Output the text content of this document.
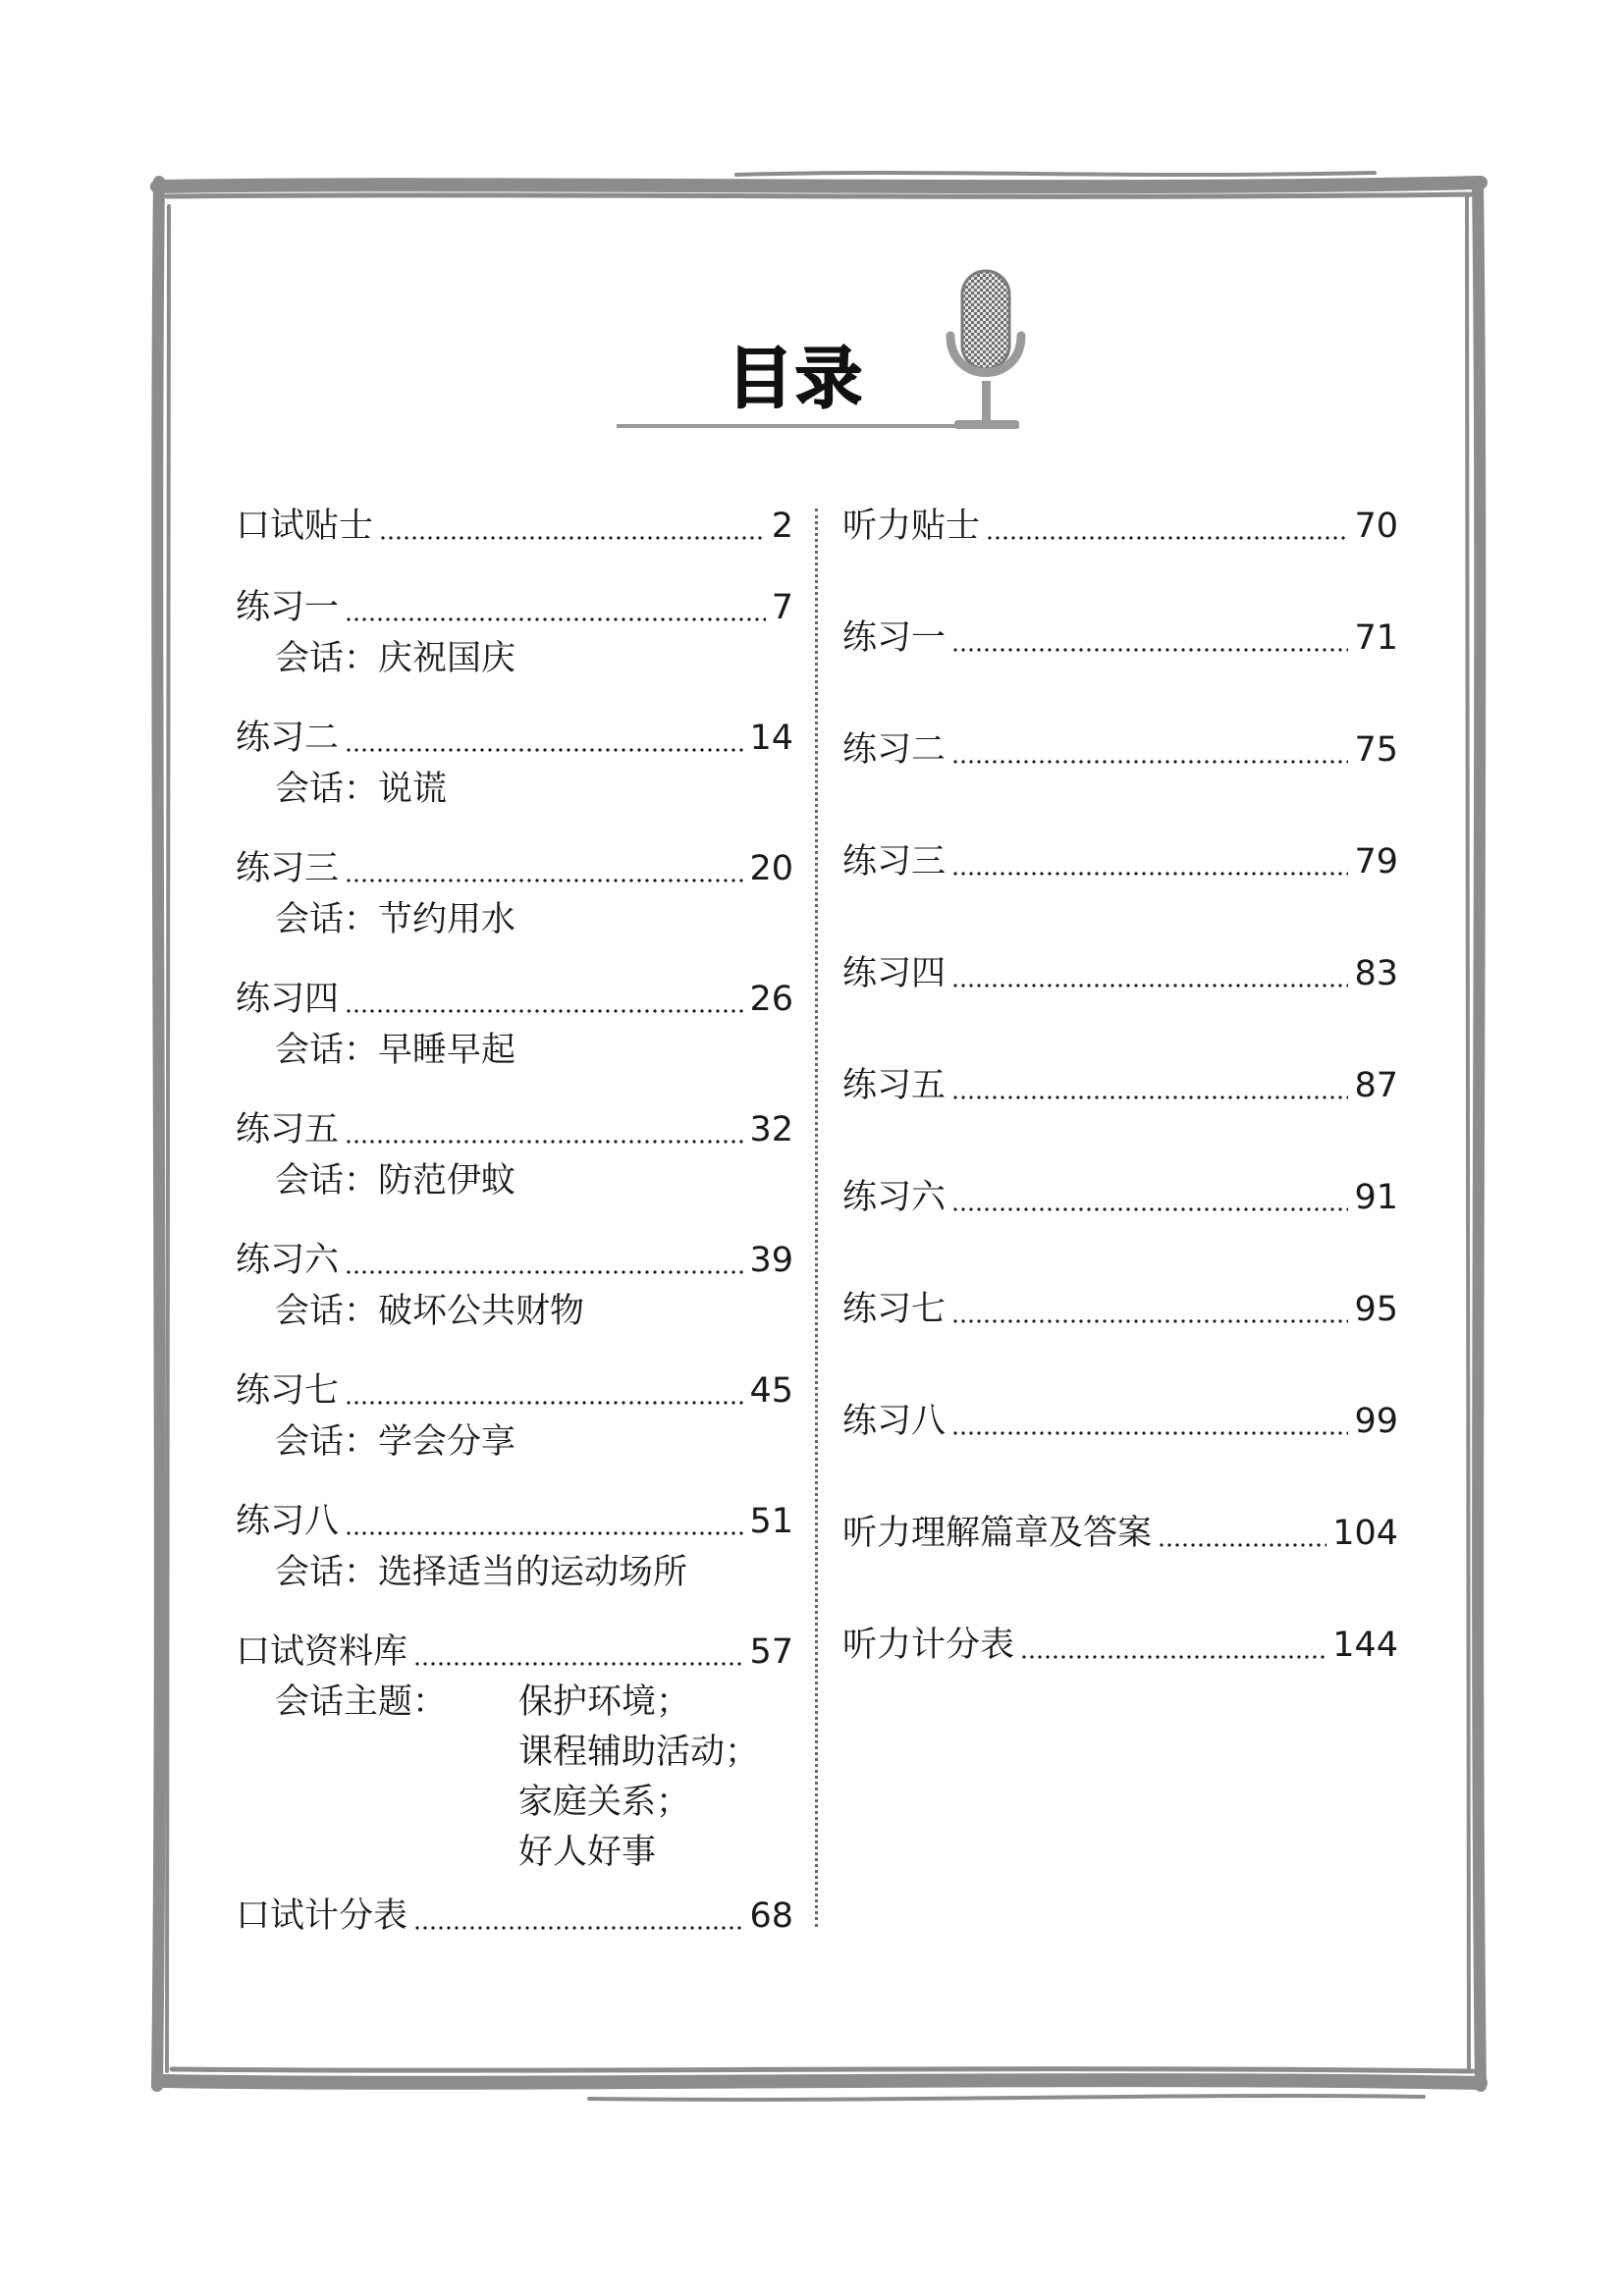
目录
口试贴士	2
练习一	7
会话：庆祝国庆
练习二	14
会话：说谎
练习三	20
会话：节约用水
练习四	26
会话：早睡早起
练习五	32
会话：防范伊蚊
练习六	39
会话：破坏公共财物
练习七	45
会话：学会分享
练习八	51
会话：选择适当的运动场所
口试资料库	57
会话主题： 保护环境；
课程辅助活动；
家庭关系；
好人好事
口试计分表	68
听力贴士	70
练习一	71
练习二	75
练习三	79
练习四	83
练习五	87
练习六	91
练习七	95
练习八	99
听力理解篇章及答案	104
听力计分表	144
